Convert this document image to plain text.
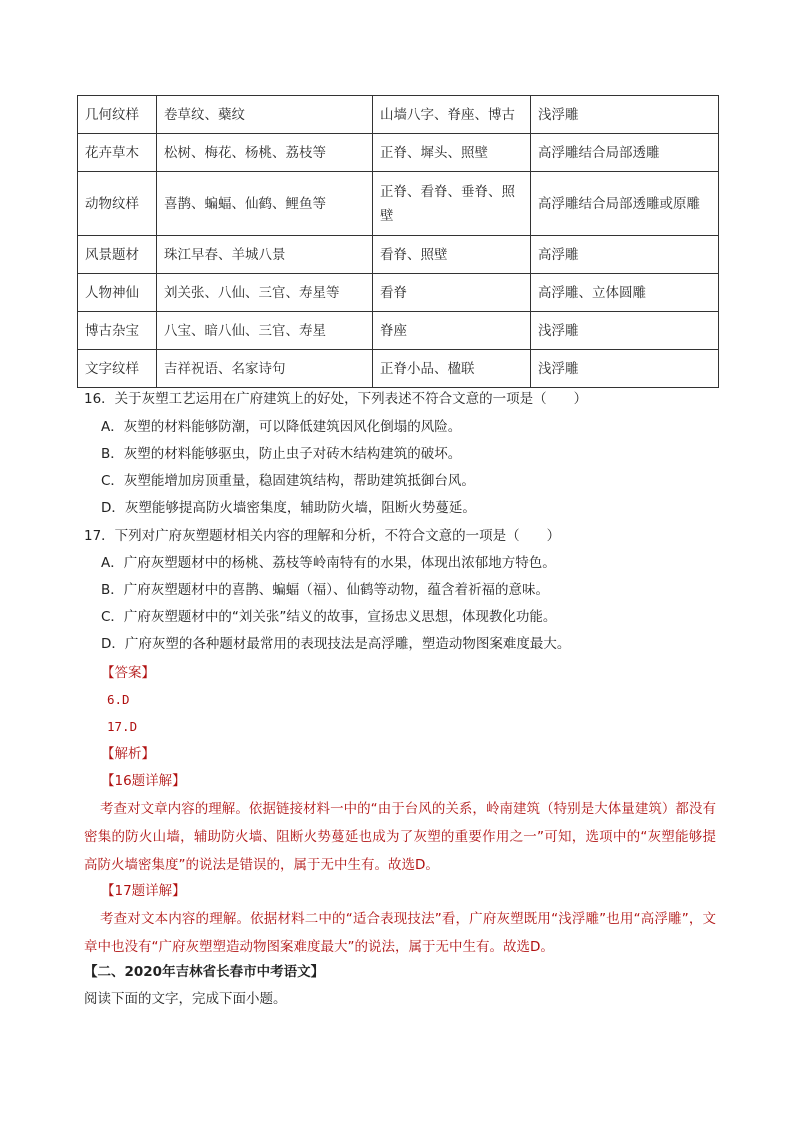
几何纹样	卷草纹、蘗纹	山墙八字、脊座、博古	浅浮雕
花卉草木	松树、梅花、杨桃、荔枝等	正脊、墀头、照壁	高浮雕结合局部透雕
动物纹样	喜鹊、蝙蝠、仙鹤、鲤鱼等	正脊、看脊、垂脊、照壁	高浮雕结合局部透雕或原雕
风景题材	珠江早春、羊城八景	看脊、照壁	高浮雕
人物神仙	刘关张、八仙、三官、寿星等	看脊	高浮雕、立体圆雕
博古杂宝	八宝、暗八仙、三官、寿星	脊座	浅浮雕
文字纹样	吉祥祝语、名家诗句	正脊小品、楹联	浅浮雕
16．关于灰塑工艺运用在广府建筑上的好处，下列表述不符合文意的一项是（　　）
A．灰塑的材料能够防潮，可以降低建筑因风化倒塌的风险。
B．灰塑的材料能够驱虫，防止虫子对砖木结构建筑的破坏。
C．灰塑能增加房顶重量，稳固建筑结构，帮助建筑抵御台风。
D．灰塑能够提高防火墙密集度，辅助防火墙，阻断火势蔓延。
17．下列对广府灰塑题材相关内容的理解和分析，不符合文意的一项是（　　）
A．广府灰塑题材中的杨桃、荔枝等岭南特有的水果，体现出浓郁地方特色。
B．广府灰塑题材中的喜鹊、蝙蝠（福）、仙鹤等动物，蕴含着祈福的意味。
C．广府灰塑题材中的“刘关张”结义的故事，宣扬忠义思想，体现教化功能。
D．广府灰塑的各种题材最常用的表现技法是高浮雕，塑造动物图案难度最大。
【答案】
6.D
17.D
【解析】
【16题详解】

考查对文章内容的理解。依据链接材料一中的“由于台风的关系，岭南建筑（特别是大体量建筑）都没有密集的防火山墙，辅助防火墙、阻断火势蔓延也成为了灰塑的重要作用之一”可知，选项中的“灰塑能够提高防火墙密集度”的说法是错误的，属于无中生有。故选D。

【17题详解】

考查对文本内容的理解。依据材料二中的“适合表现技法”看，广府灰塑既用“浅浮雕”也用“高浮雕”，文章中也没有“广府灰塑塑造动物图案难度最大”的说法，属于无中生有。故选D。

【二、2020年吉林省长春市中考语文】
阅读下面的文字，完成下面小题。
